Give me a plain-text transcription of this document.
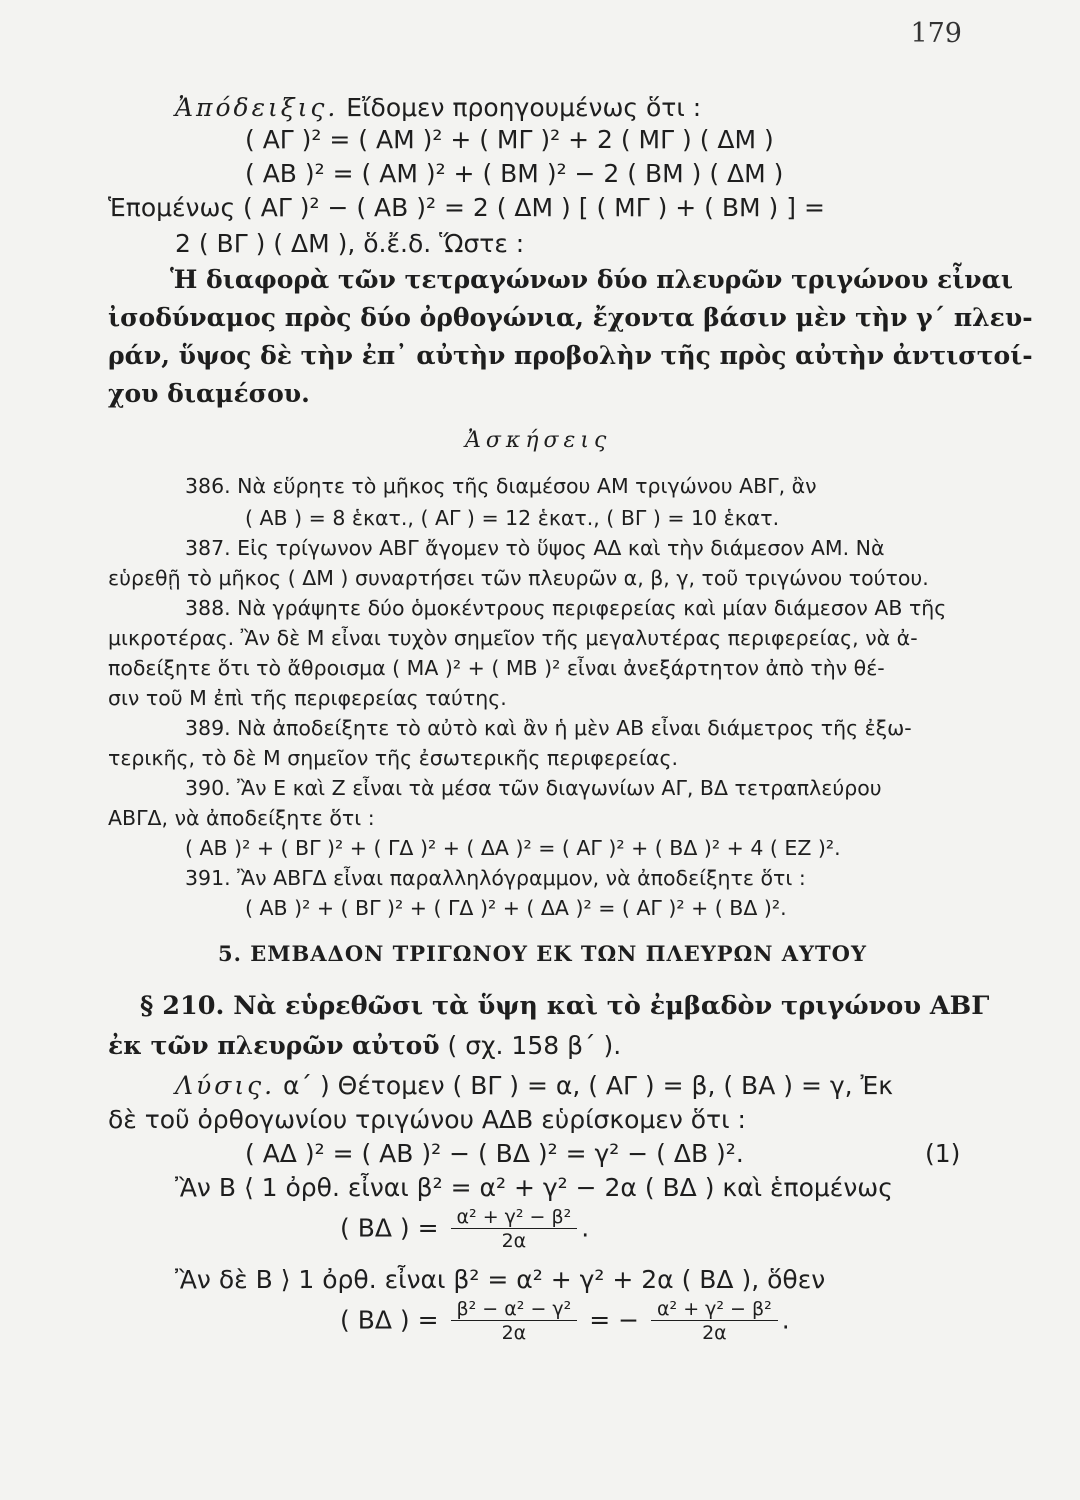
179
Ἀπόδειξις. Εἴδομεν προηγουμένως ὅτι :
( ΑΓ )² = ( ΑΜ )² + ( ΜΓ )² + 2 ( ΜΓ ) ( ΔΜ )
( ΑΒ )² = ( ΑΜ )² + ( ΒΜ )² − 2 ( ΒΜ ) ( ΔΜ )
Ἑπομένως ( ΑΓ )² − ( ΑΒ )² = 2 ( ΔΜ ) [ ( ΜΓ ) + ( ΒΜ ) ] =
2 ( ΒΓ ) ( ΔΜ ), ὅ.ἔ.δ. Ὥστε :
Ἡ διαφορὰ τῶν τετραγώνων δύο πλευρῶν τριγώνου εἶναι
ἰσοδύναμος πρὸς δύο ὀρθογώνια, ἔχοντα βάσιν μὲν τὴν γ΄ πλευ-
ράν, ὕψος δὲ τὴν ἐπ᾽ αὐτὴν προβολὴν τῆς πρὸς αὐτὴν ἀντιστοί-
χου διαμέσου.
Ἀσκήσεις
386. Νὰ εὕρητε τὸ μῆκος τῆς διαμέσου ΑΜ τριγώνου ΑΒΓ, ἂν
( ΑΒ ) = 8 ἑκατ., ( ΑΓ ) = 12 ἑκατ., ( ΒΓ ) = 10 ἑκατ.
387. Εἰς τρίγωνον ΑΒΓ ἄγομεν τὸ ὕψος ΑΔ καὶ τὴν διάμεσον ΑΜ. Νὰ
εὑρεθῇ τὸ μῆκος ( ΔΜ ) συναρτήσει τῶν πλευρῶν α, β, γ, τοῦ τριγώνου τούτου.
388. Νὰ γράψητε δύο ὁμοκέντρους περιφερείας καὶ μίαν διάμεσον ΑΒ τῆς
μικροτέρας. Ἂν δὲ Μ εἶναι τυχὸν σημεῖον τῆς μεγαλυτέρας περιφερείας, νὰ ἀ-
ποδείξητε ὅτι τὸ ἄθροισμα ( ΜΑ )² + ( ΜΒ )² εἶναι ἀνεξάρτητον ἀπὸ τὴν θέ-
σιν τοῦ Μ ἐπὶ τῆς περιφερείας ταύτης.
389. Νὰ ἀποδείξητε τὸ αὐτὸ καὶ ἂν ἡ μὲν ΑΒ εἶναι διάμετρος τῆς ἐξω-
τερικῆς, τὸ δὲ Μ σημεῖον τῆς ἐσωτερικῆς περιφερείας.
390. Ἂν Ε καὶ Ζ εἶναι τὰ μέσα τῶν διαγωνίων ΑΓ, ΒΔ τετραπλεύρου
ΑΒΓΔ, νὰ ἀποδείξητε ὅτι :
( ΑΒ )² + ( ΒΓ )² + ( ΓΔ )² + ( ΔΑ )² = ( ΑΓ )² + ( ΒΔ )² + 4 ( ΕΖ )².
391. Ἂν ΑΒΓΔ εἶναι παραλληλόγραμμον, νὰ ἀποδείξητε ὅτι :
( ΑΒ )² + ( ΒΓ )² + ( ΓΔ )² + ( ΔΑ )² = ( ΑΓ )² + ( ΒΔ )².
5. ΕΜΒΑΔΟΝ ΤΡΙΓΩΝΟΥ ΕΚ ΤΩΝ ΠΛΕΥΡΩΝ ΑΥΤΟΥ
§ 210. Νὰ εὑρεθῶσι τὰ ὕψη καὶ τὸ ἐμβαδὸν τριγώνου ΑΒΓ
ἐκ τῶν πλευρῶν αὐτοῦ ( σχ. 158 β΄ ).
Λύσις. α΄ ) Θέτομεν ( ΒΓ ) = α, ( ΑΓ ) = β, ( ΒΑ ) = γ, Ἐκ
δὲ τοῦ ὀρθογωνίου τριγώνου ΑΔΒ εὑρίσκομεν ὅτι :
( ΑΔ )² = ( ΑΒ )² − ( ΒΔ )² = γ² − ( ΔΒ )².	(1)
Ἂν Β ⟨ 1 ὀρθ. εἶναι β² = α² + γ² − 2α ( ΒΔ ) καὶ ἑπομένως
( ΒΔ ) = $\frac{\text{α² + γ² − β²}}{2\alpha}$ .
Ἂν δὲ Β ⟩ 1 ὀρθ. εἶναι β² = α² + γ² + 2α ( ΒΔ ), ὅθεν
( ΒΔ ) = $\frac{\text{β² − α² − γ²}}{2\alpha}$ = − $\frac{\text{α² + γ² − β²}}{2\alpha}$ .
